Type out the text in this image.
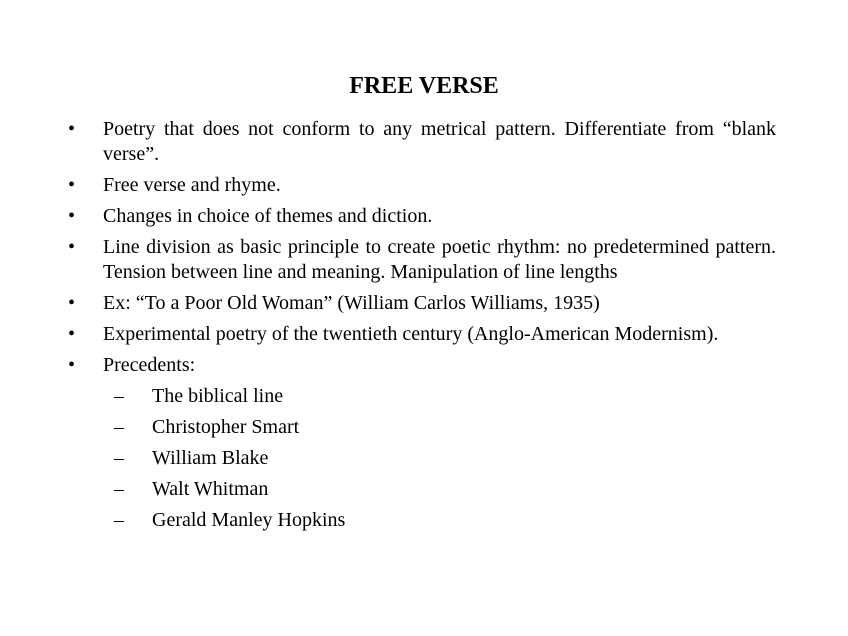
FREE VERSE
• Poetry that does not conform to any metrical pattern. Differentiate from “blank verse”.
• Free verse and rhyme.
• Changes in choice of themes and diction.
• Line division as basic principle to create poetic rhythm: no predetermined pattern. Tension between line and meaning. Manipulation of line lengths
• Ex: “To a Poor Old Woman” (William Carlos Williams, 1935)
• Experimental poetry of the twentieth century (Anglo-American Modernism).
• Precedents:
– The biblical line
– Christopher Smart
– William Blake
– Walt Whitman
– Gerald Manley Hopkins
